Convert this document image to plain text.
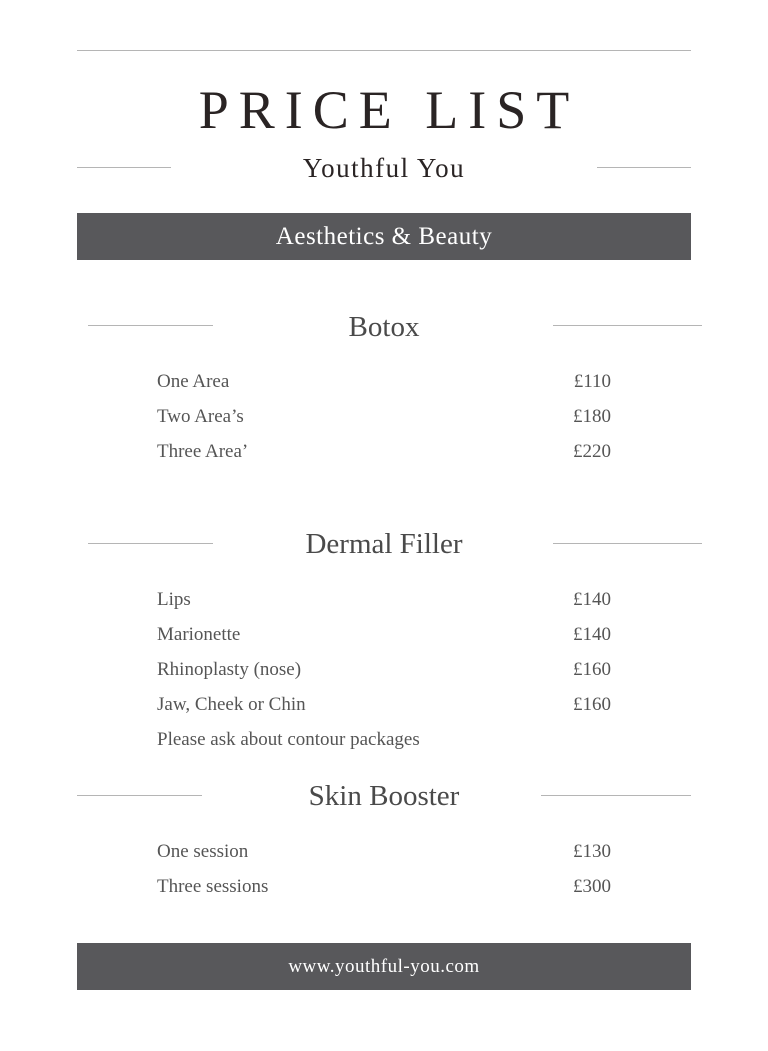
PRICE LIST
Youthful You
Aesthetics & Beauty
Botox
One Area	£110
Two Area’s	£180
Three Area’	£220
Dermal Filler
Lips	£140
Marionette	£140
Rhinoplasty (nose)	£160
Jaw, Cheek or Chin	£160
Please ask about contour packages
Skin Booster
One session	£130
Three sessions	£300
www.youthful-you.com
